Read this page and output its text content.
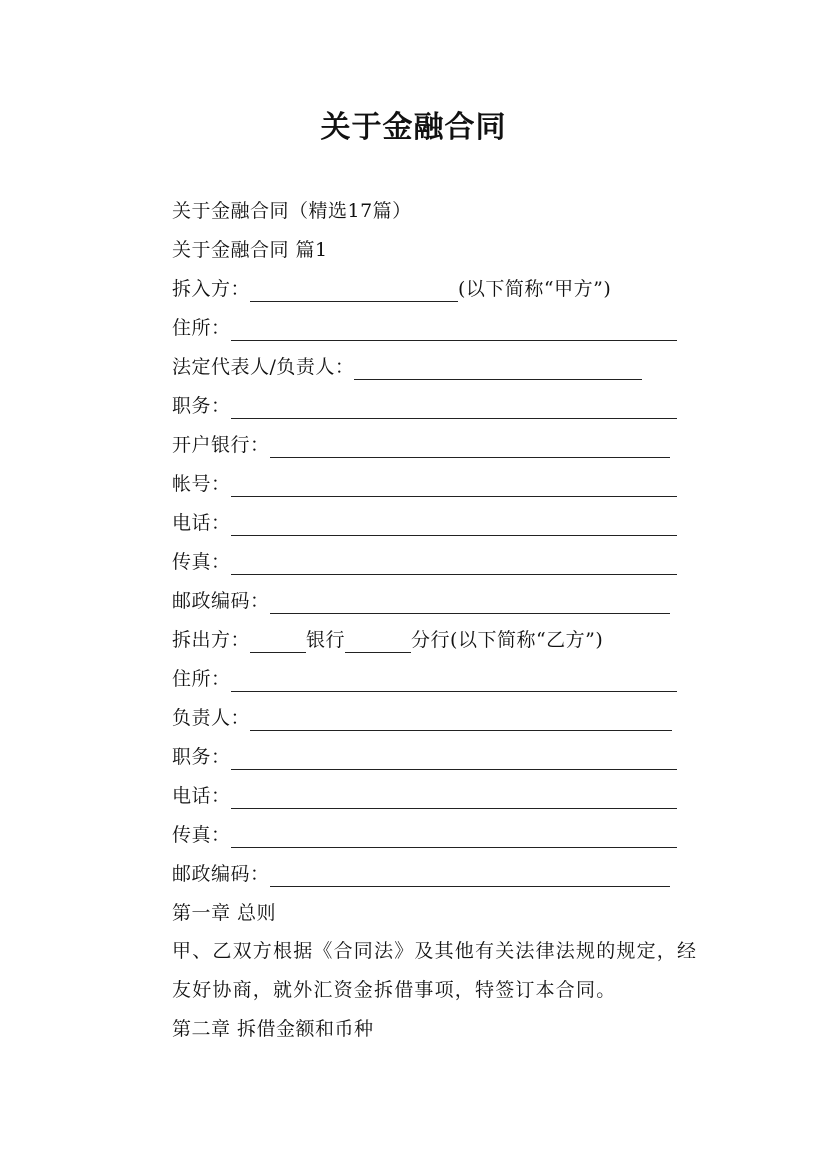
关于金融合同
关于金融合同（精选17篇）
关于金融合同 篇1
拆入方：	(以下简称“甲方”)
住所：
法定代表人/负责人：
职务：
开户银行：
帐号：
电话：
传真：
邮政编码：
拆出方：	银行	分行(以下简称“乙方”)
住所：
负责人：
职务：
电话：
传真：
邮政编码：
第一章 总则
甲、乙双方根据《合同法》及其他有关法律法规的规定，经友好协商，就外汇资金拆借事项，特签订本合同。
第二章 拆借金额和币种
